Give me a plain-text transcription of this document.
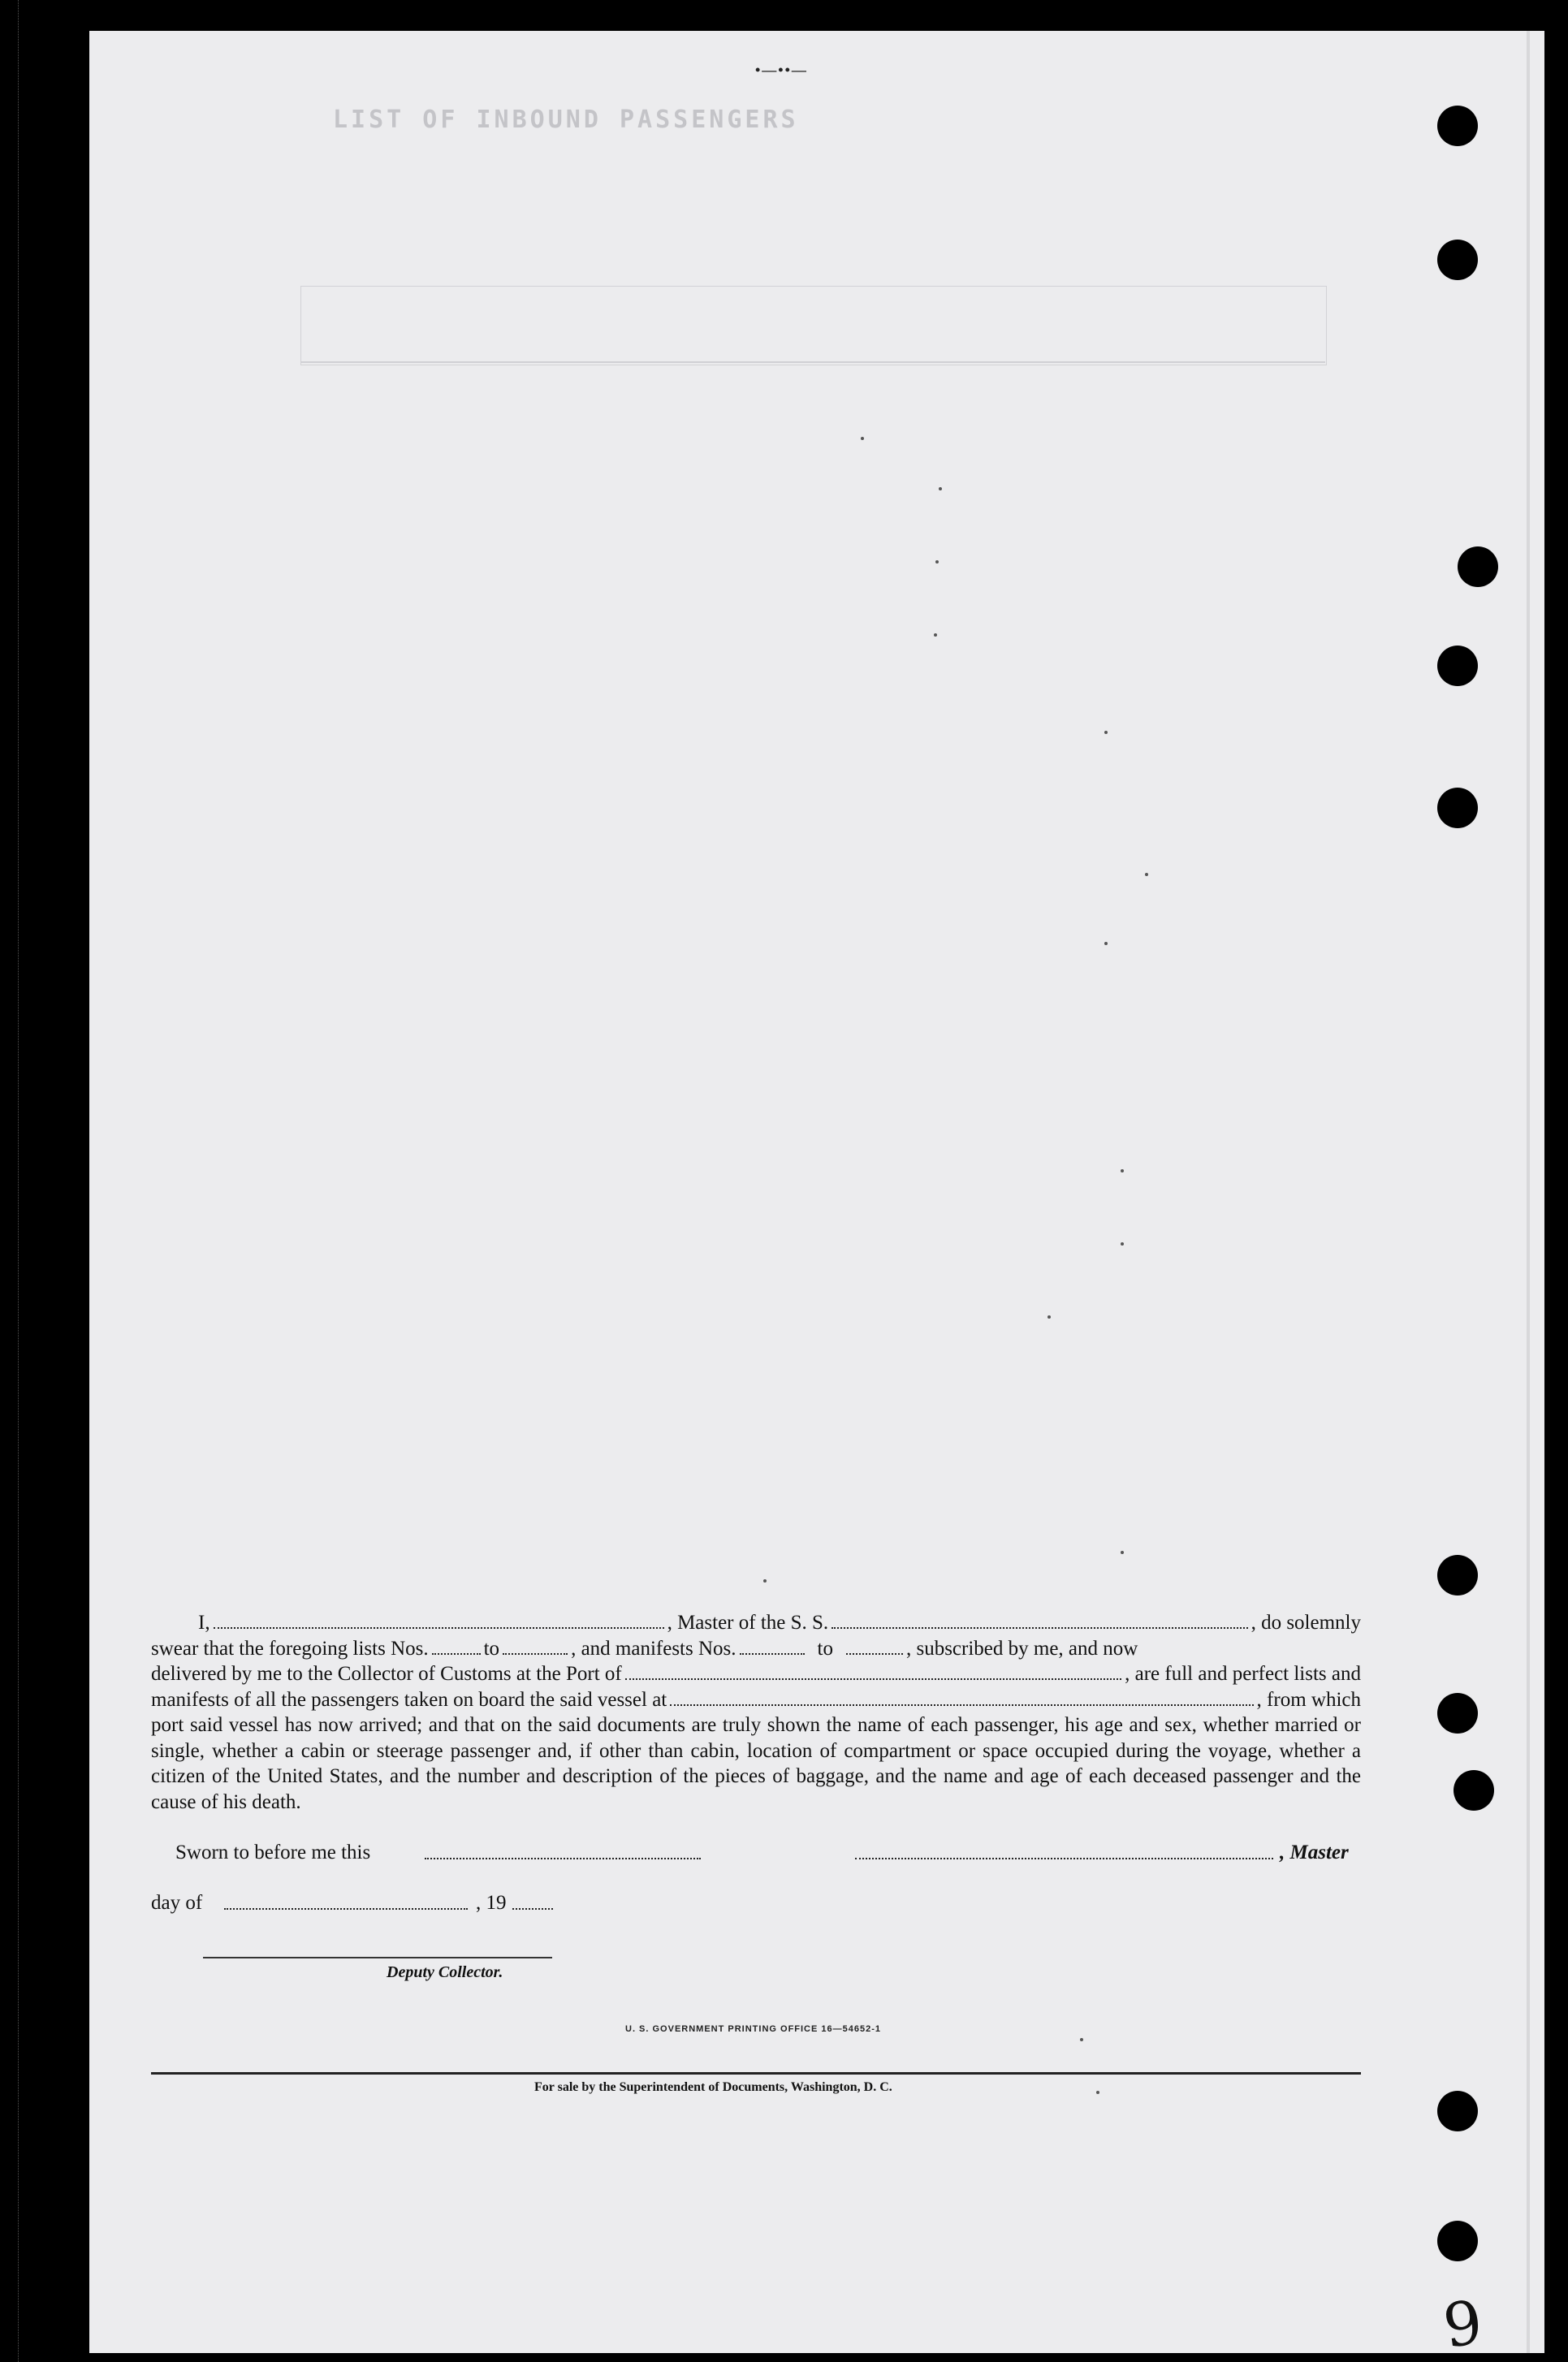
LIST OF INBOUND PASSENGERS
•—••—
I,	, Master of the S. S.	, do solemnly
swear that the foregoing lists Nos.	to	, and manifests Nos.	to	, subscribed by me, and now
delivered by me to the Collector of Customs at the Port of	, are full and perfect lists and
manifests of all the passengers taken on board the said vessel at	, from which
port said vessel has now arrived; and that on the said documents are truly shown the name of each passenger, his age and sex, whether married or single, whether a cabin or steerage passenger and, if other than cabin, location of compartment or space occupied during the voyage, whether a citizen of the United States, and the number and description of the pieces of baggage, and the name and age of each deceased passenger and the cause of his death.
Sworn to before me this	, Master
day of	, 19
Deputy Collector.
U. S. GOVERNMENT PRINTING OFFICE 16—54652-1
For sale by the Superintendent of Documents, Washington, D. C.
9
